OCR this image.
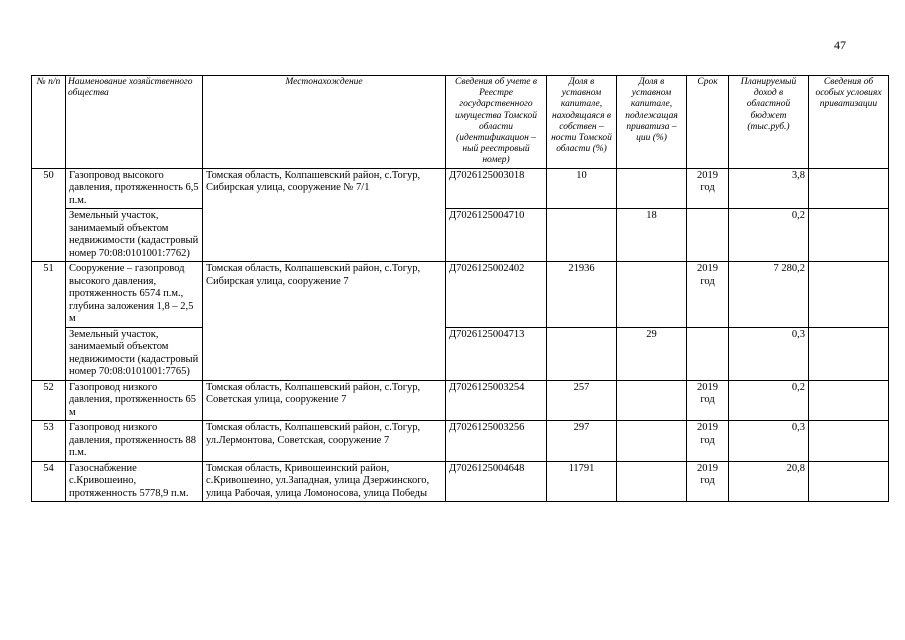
47
№ п/п	Наименование хозяйственного общества	Местонахождение	Сведения об учете в Реестре государственного имущества Томской области (идентификацион – ный реестровый номер)	Доля в уставном капитале, находящаяся в собствен – ности Томской области (%)	Доля в уставном капитале, подлежащая приватиза – ции (%)	Срок	Планируемый доход в областной бюджет (тыс.руб.)	Сведения об особых условиях приватизации
50	Газопровод высокого давления, протяженность 6,5 п.м.	Томская область, Колпашевский район, с.Тогур, Сибирская улица, сооружение № 7/1	Д7026125003018	10		2019 год	3,8	
	Земельный участок, занимаемый объектом недвижимости (кадастровый номер 70:08:0101001:7762)		Д7026125004710		18		0,2	
51	Сооружение – газопровод высокого давления, протяженность 6574 п.м., глубина заложения 1,8 – 2,5 м	Томская область, Колпашевский район, с.Тогур, Сибирская улица, сооружение 7	Д7026125002402	21936		2019 год	7 280,2	
	Земельный участок, занимаемый объектом недвижимости (кадастровый номер 70:08:0101001:7765)		Д7026125004713		29		0,3	
52	Газопровод низкого давления, протяженность 65 м	Томская область, Колпашевский район, с.Тогур, Советская улица, сооружение 7	Д7026125003254	257		2019 год	0,2	
53	Газопровод низкого давления, протяженность 88 п.м.	Томская область, Колпашевский район, с.Тогур, ул.Лермонтова, Советская, сооружение 7	Д7026125003256	297		2019 год	0,3	
54	Газоснабжение с.Кривошеино, протяженность 5778,9 п.м.	Томская область, Кривошеинский район, с.Кривошеино, ул.Западная, улица Дзержинского, улица Рабочая, улица Ломоносова, улица Победы	Д7026125004648	11791		2019 год	20,8	
